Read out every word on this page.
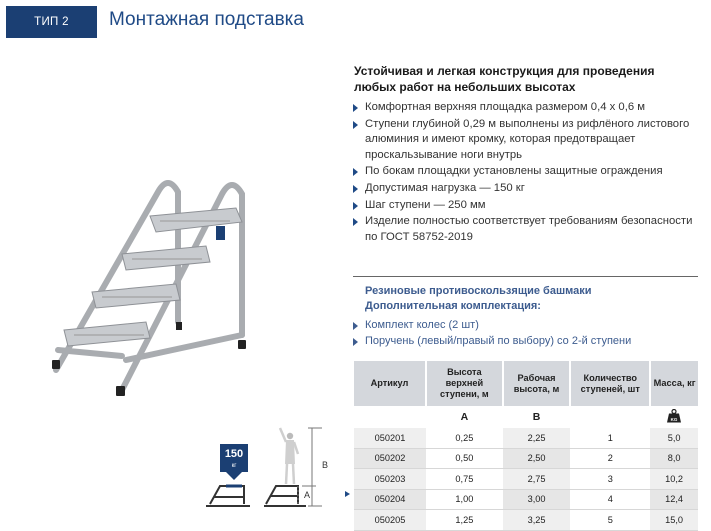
ТИП 2 Монтажная подставка
150
кг	B
A
Устойчивая и легкая конструкция для проведения любых работ на небольших высотах
Комфортная верхняя площадка размером 0,4 х 0,6 м
Ступени глубиной 0,29 м выполнены из рифлёного листового алюминия и имеют кромку, которая предотвращает проскальзывание ноги внутрь
По бокам площадки установлены защитные ограждения
Допустимая нагрузка — 150 кг
Шаг ступени — 250 мм
Изделие полностью соответствует требованиям безопасности по ГОСТ 58752-2019
Резиновые противоскользящие башмаки
Дополнительная комплектация:
Комплект колес (2 шт)
Поручень (левый/правый по выбору) со 2-й ступени
Артикул	Высота верхней ступени, м	Рабочая высота, м	Количество ступеней, шт	Масса, кг
	A	B		KG

050201	0,25	2,25	1	5,0
050202	0,50	2,50	2	8,0
050203	0,75	2,75	3	10,2
050204	1,00	3,00	4	12,4
050205	1,25	3,25	5	15,0
